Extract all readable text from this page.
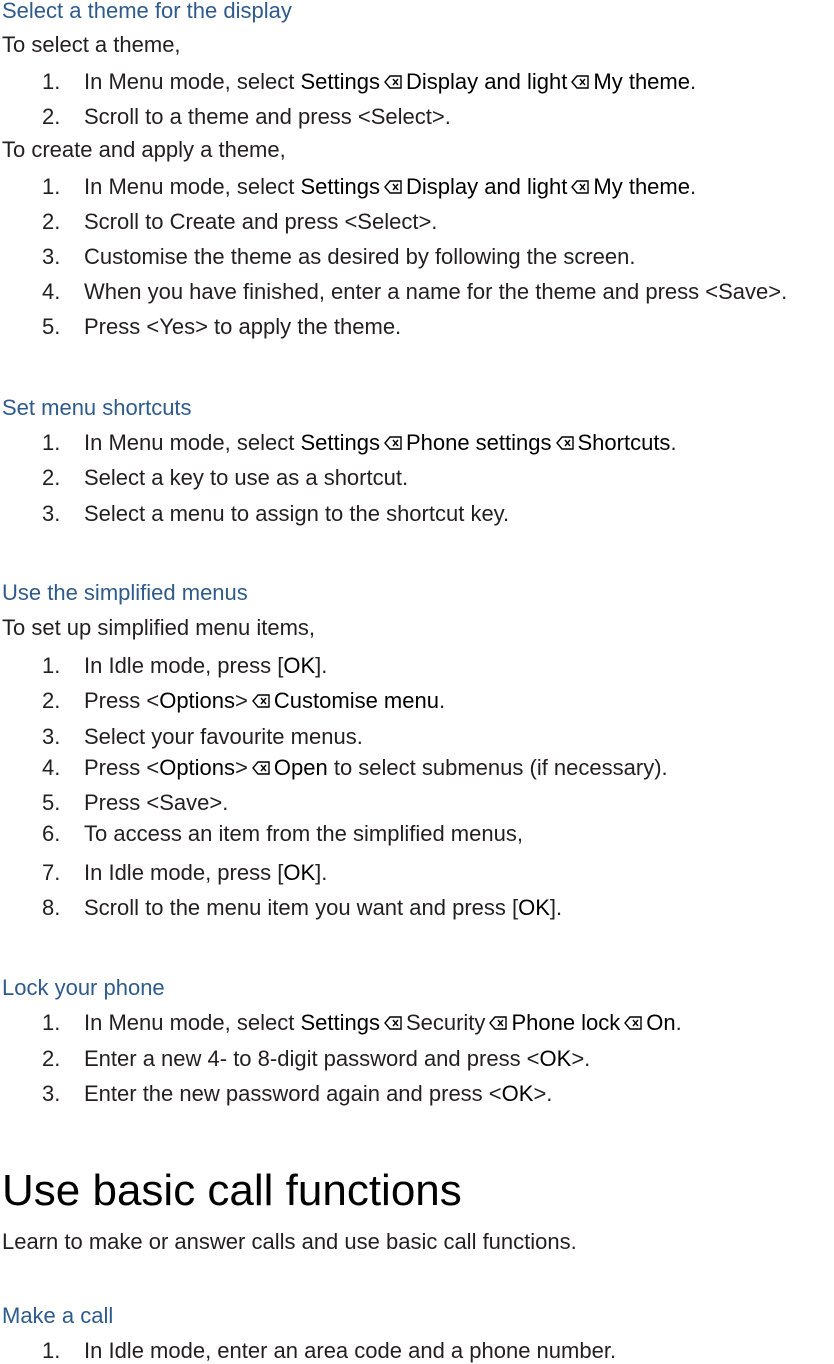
Select a theme for the display
To select a theme,
1. In Menu mode, select Settings Display and light My theme.
2. Scroll to a theme and press <Select>.
To create and apply a theme,
1. In Menu mode, select Settings Display and light My theme.
2. Scroll to Create and press <Select>.
3. Customise the theme as desired by following the screen.
4. When you have finished, enter a name for the theme and press <Save>.
5. Press <Yes> to apply the theme.
Set menu shortcuts
1. In Menu mode, select Settings Phone settings Shortcuts.
2. Select a key to use as a shortcut.
3. Select a menu to assign to the shortcut key.
Use the simplified menus
To set up simplified menu items,
1. In Idle mode, press [OK].
2. Press <Options> Customise menu.
3. Select your favourite menus.
4. Press <Options> Open to select submenus (if necessary).
5. Press <Save>.
6. To access an item from the simplified menus,
7. In Idle mode, press [OK].
8. Scroll to the menu item you want and press [OK].
Lock your phone
1. In Menu mode, select Settings Security Phone lock On.
2. Enter a new 4- to 8-digit password and press <OK>.
3. Enter the new password again and press <OK>.
Use basic call functions
Learn to make or answer calls and use basic call functions.
Make a call
1. In Idle mode, enter an area code and a phone number.
